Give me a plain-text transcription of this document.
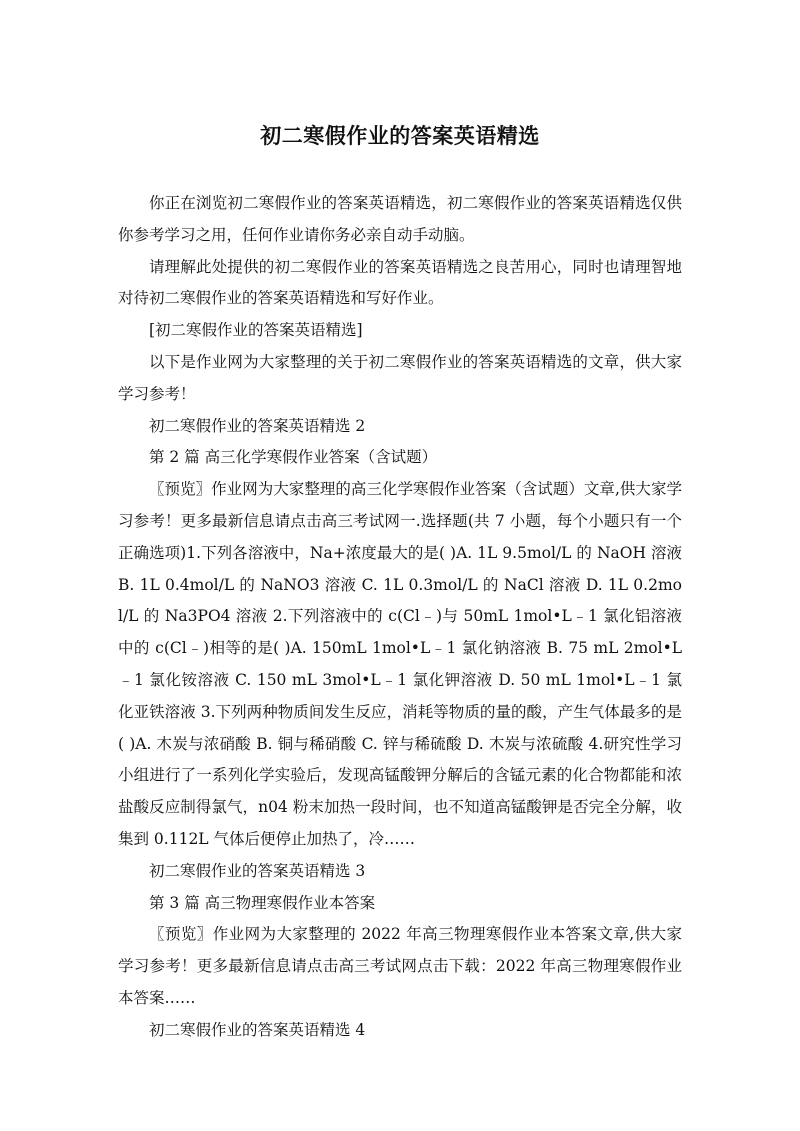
初二寒假作业的答案英语精选

你正在浏览初二寒假作业的答案英语精选，初二寒假作业的答案英语精选仅供你参考学习之用，任何作业请你务必亲自动手动脑。

请理解此处提供的初二寒假作业的答案英语精选之良苦用心，同时也请理智地对待初二寒假作业的答案英语精选和写好作业。

[初二寒假作业的答案英语精选]

以下是作业网为大家整理的关于初二寒假作业的答案英语精选的文章，供大家学习参考！

初二寒假作业的答案英语精选 2

第 2 篇 高三化学寒假作业答案（含试题）

〖预览〗作业网为大家整理的高三化学寒假作业答案（含试题）文章,供大家学习参考！更多最新信息请点击高三考试网一.选择题(共 7 小题，每个小题只有一个正确选项)1.下列各溶液中，Na+浓度最大的是( )A. 1L 9.5mol/L 的 NaOH 溶液 B. 1L 0.4mol/L 的 NaNO3 溶液 C. 1L 0.3mol/L 的 NaCl 溶液 D. 1L 0.2mol/L 的 Na3PO4 溶液 2.下列溶液中的 c(Cl﹣)与 50mL 1mol•L﹣1 氯化铝溶液中的 c(Cl﹣)相等的是( )A. 150mL 1mol•L﹣1 氯化钠溶液 B. 75 mL 2mol•L﹣1 氯化铵溶液 C. 150 mL 3mol•L﹣1 氯化钾溶液 D. 50 mL 1mol•L﹣1 氯化亚铁溶液 3.下列两种物质间发生反应，消耗等物质的量的酸，产生气体最多的是( )A. 木炭与浓硝酸 B. 铜与稀硝酸 C. 锌与稀硫酸 D. 木炭与浓硫酸 4.研究性学习小组进行了一系列化学实验后，发现高锰酸钾分解后的含锰元素的化合物都能和浓盐酸反应制得氯气，n04 粉末加热一段时间，也不知道高锰酸钾是否完全分解，收集到 0.112L 气体后便停止加热了，冷……

初二寒假作业的答案英语精选 3

第 3 篇 高三物理寒假作业本答案

〖预览〗作业网为大家整理的 2022 年高三物理寒假作业本答案文章,供大家学习参考！更多最新信息请点击高三考试网点击下载：2022 年高三物理寒假作业本答案……

初二寒假作业的答案英语精选 4
